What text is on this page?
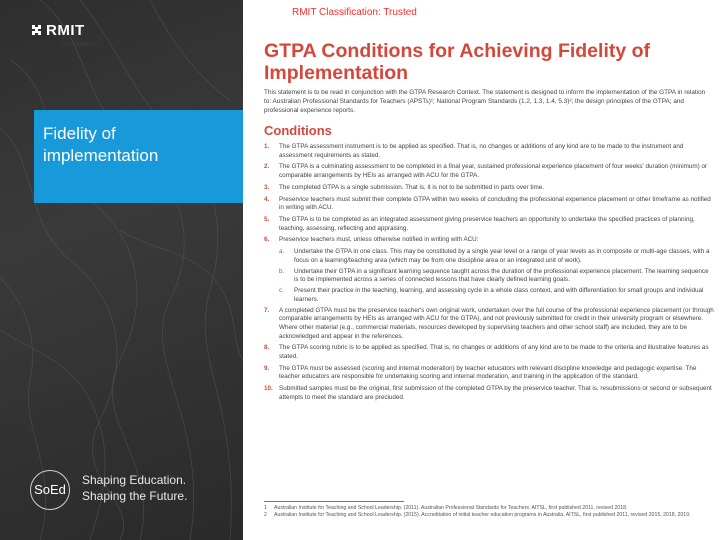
RMIT
UNIVERSITY
SoEd
Shaping Education.
Shaping the Future.
Fidelity of implementation
RMIT Classification: Trusted
GTPA Conditions for Achieving Fidelity of Implementation
This statement is to be read in conjunction with the GTPA Research Context. The statement is designed to inform the implementation of the GTPA in relation to: Australian Professional Standards for Teachers (APSTs)¹; National Program Standards (1.2, 1.3, 1.4, 5.3)²; the design principles of the GTPA; and professional experience reports.
Conditions
1.	The GTPA assessment instrument is to be applied as specified. That is, no changes or additions of any kind are to be made to the instrument and assessment requirements as stated.
2.	The GTPA is a culminating assessment to be completed in a final year, sustained professional experience placement of four weeks' duration (minimum) or comparable arrangements by HEIs as arranged with ACU for the GTPA.
3.	The completed GTPA is a single submission. That is, it is not to be submitted in parts over time.
4.	Preservice teachers must submit their complete GTPA within two weeks of concluding the professional experience placement or other timeframe as notified in writing with ACU.
5.	The GTPA is to be completed as an integrated assessment giving preservice teachers an opportunity to undertake the specified practices of planning, teaching, assessing, reflecting and appraising.
6.	Preservice teachers must, unless otherwise notified in writing with ACU:
a.	Undertake the GTPA in one class. This may be constituted by a single year level or a range of year levels as in composite or multi-age classes, with a focus on a learning/teaching area (which may be from one discipline area or an integrated unit of work).
b.	Undertake their GTPA in a significant learning sequence taught across the duration of the professional experience placement. The learning sequence is to be implemented across a series of connected lessons that have clearly defined learning goals.
c.	Present their practice in the teaching, learning, and assessing cycle in a whole class context, and with differentiation for small groups and individual learners.
7.	A completed GTPA must be the preservice teacher's own original work, undertaken over the full course of the professional experience placement (or through comparable arrangements by HEIs as arranged with ACU for the GTPA), and not previously submitted for credit in their university program or elsewhere. Where other material (e.g., commercial materials, resources developed by supervising teachers and other school staff) are included, they are to be acknowledged and appear in the references.
8.	The GTPA scoring rubric is to be applied as specified. That is, no changes or additions of any kind are to be made to the criteria and illustrative features as stated.
9.	The GTPA must be assessed (scoring and internal moderation) by teacher educators with relevant discipline knowledge and pedagogic expertise. The teacher educators are responsible for undertaking scoring and internal moderation, and training in the application of the standard.
10. Submitted samples must be the original, first submission of the completed GTPA by the preservice teacher. That is, resubmissions or second or subsequent attempts to meet the standard are precluded.
1	Australian Institute for Teaching and School Leadership. (2011). Australian Professional Standards for Teachers. AITSL, first published 2011, revised 2018.
2	Australian Institute for Teaching and School Leadership. (2015). Accreditation of initial teacher education programs in Australia. AITSL, first published 2011, revised 2015, 2018, 2019.
